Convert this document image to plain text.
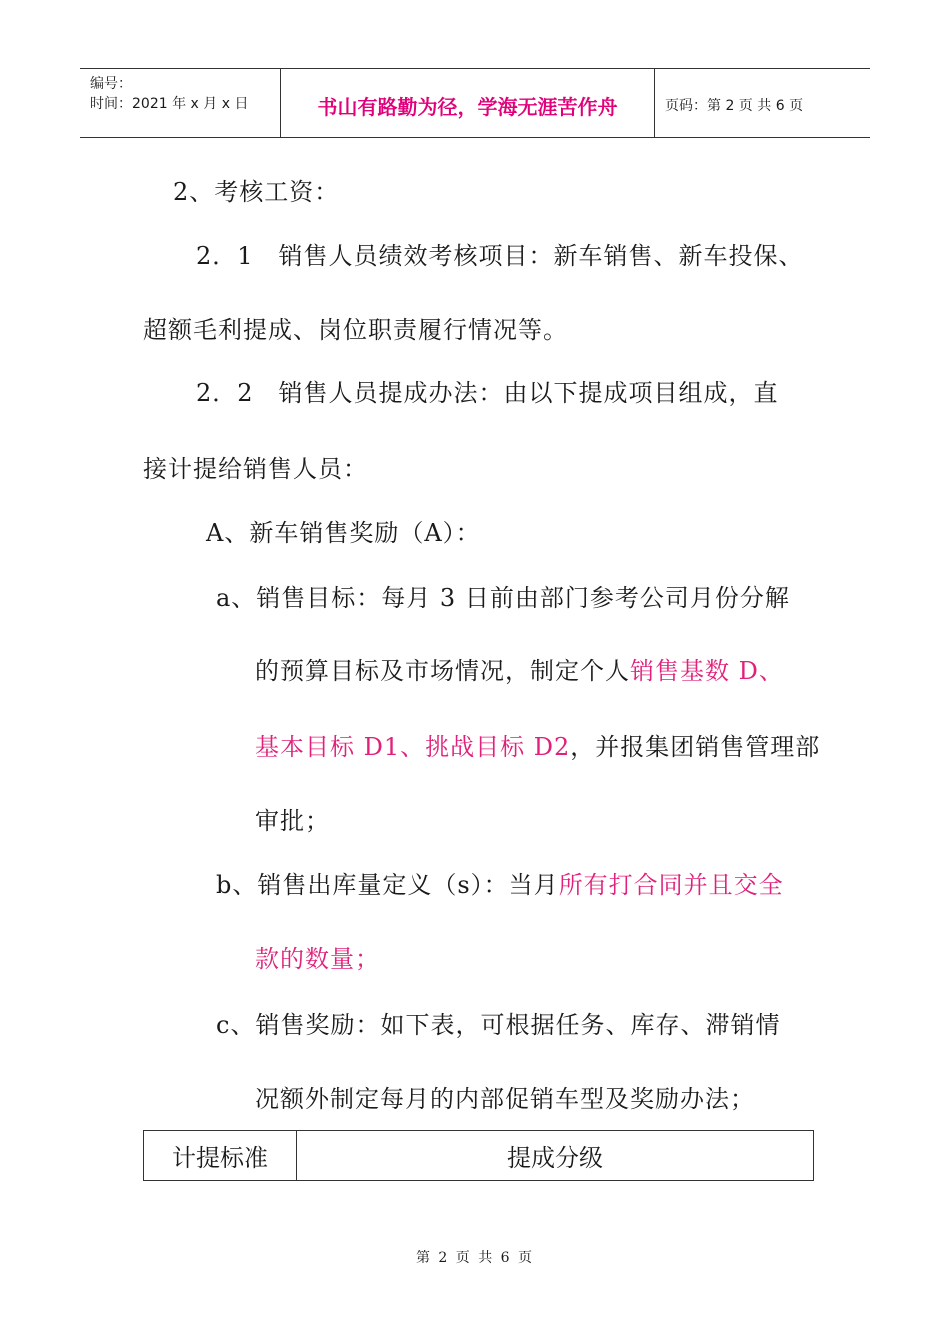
编号：
时间：2021 年 x 月 x 日	书山有路勤为径，学海无涯苦作舟	页码：第 2 页 共 6 页
2、考核工资：
2．1　销售人员绩效考核项目：新车销售、新车投保、
超额毛利提成、岗位职责履行情况等。
2．2　销售人员提成办法：由以下提成项目组成，直
接计提给销售人员：
A、新车销售奖励（A）：
a、销售目标：每月 3 日前由部门参考公司月份分解
的预算目标及市场情况，制定个人销售基数 D、
基本目标 D1、挑战目标 D2，并报集团销售管理部
审批；
b、销售出库量定义（s）：当月所有打合同并且交全
款的数量；
c、销售奖励：如下表，可根据任务、库存、滞销情
况额外制定每月的内部促销车型及奖励办法；
计提标准	提成分级
第 2 页 共 6 页
